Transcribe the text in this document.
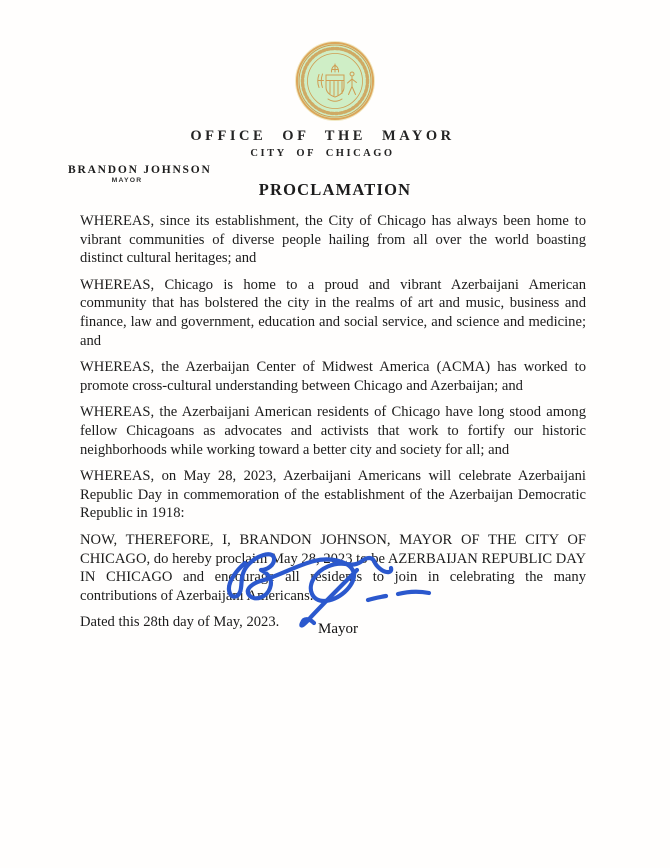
OFFICE OF THE MAYOR
CITY OF CHICAGO
BRANDON JOHNSON
MAYOR	PROCLAMATION

WHEREAS, since its establishment, the City of Chicago has always been home to vibrant communities of diverse people hailing from all over the world boasting distinct cultural heritages; and

WHEREAS, Chicago is home to a proud and vibrant Azerbaijani American community that has bolstered the city in the realms of art and music, business and finance, law and government, education and social service, and science and medicine; and

WHEREAS, the Azerbaijan Center of Midwest America (ACMA) has worked to promote cross-cultural understanding between Chicago and Azerbaijan; and

WHEREAS, the Azerbaijani American residents of Chicago have long stood among fellow Chicagoans as advocates and activists that work to fortify our historic neighborhoods while working toward a better city and society for all; and

WHEREAS, on May 28, 2023, Azerbaijani Americans will celebrate Azerbaijani Republic Day in commemoration of the establishment of the Azerbaijan Democratic Republic in 1918:

NOW, THEREFORE, I, BRANDON JOHNSON, MAYOR OF THE CITY OF CHICAGO, do hereby proclaim May 28, 2023 to be AZERBAIJAN REPUBLIC DAY IN CHICAGO and encourage all residents to join in celebrating the many contributions of Azerbaijani Americans.

Dated this 28th day of May, 2023.	Mayor
